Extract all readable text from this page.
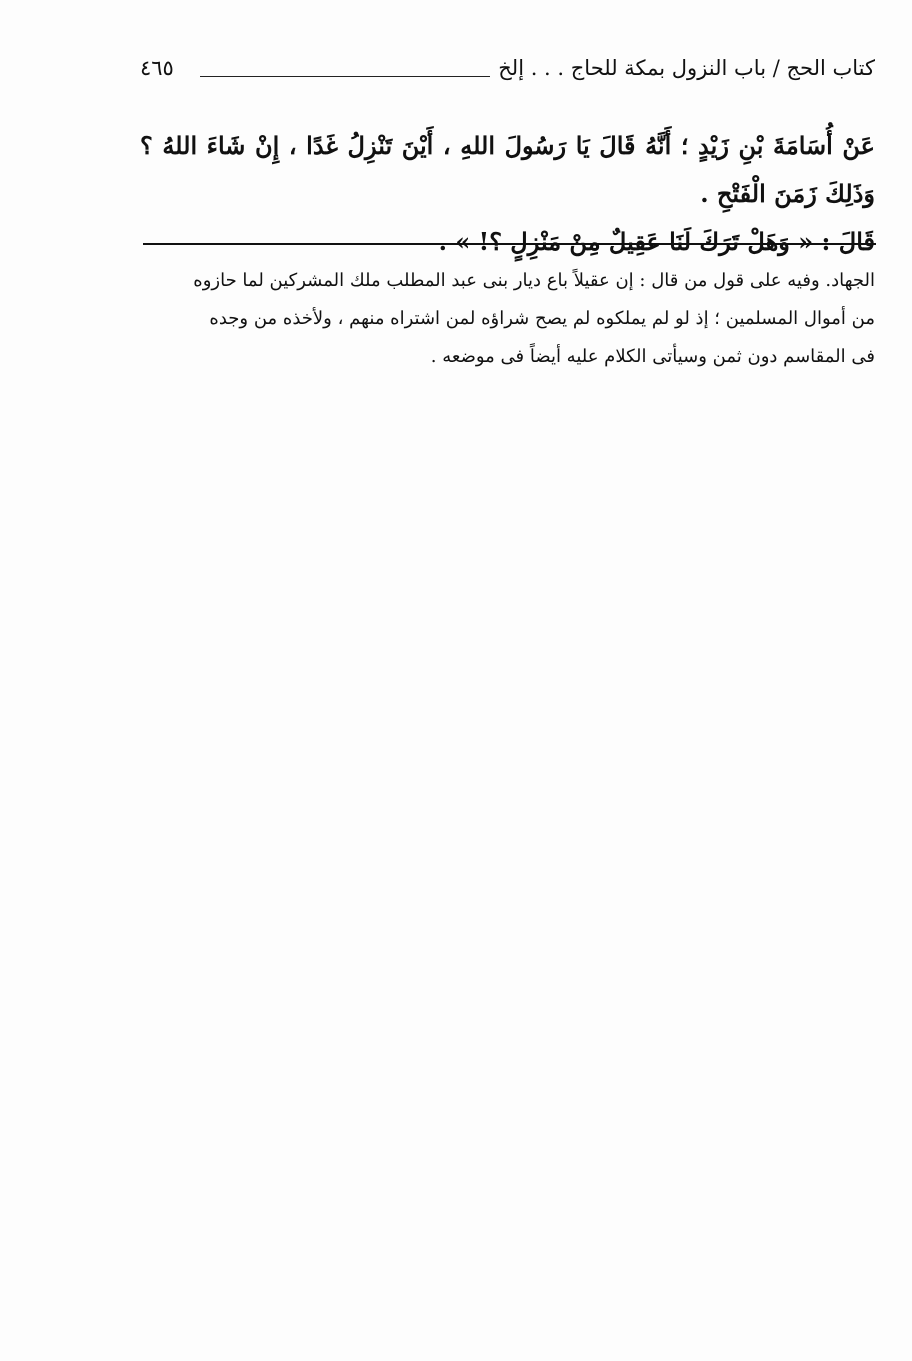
كتاب الحج / باب النزول بمكة للحاج . . . إلخ
٤٦٥

عَنْ أُسَامَةَ بْنِ زَيْدٍ ؛ أَنَّهُ قَالَ يَا رَسُولَ اللهِ ، أَيْنَ تَنْزِلُ غَدًا ، إِنْ شَاءَ اللهُ ؟ وَذَلِكَ زَمَنَ الْفَتْحِ .

قَالَ : « وَهَلْ تَرَكَ لَنَا عَقِيلٌ مِنْ مَنْزِلٍ ؟! » .

الجهاد. وفيه على قول من قال : إن عقيلاً باع ديار بنى عبد المطلب ملك المشركين لما حازوه

من أموال المسلمين ؛ إذ لو لم يملكوه لم يصح شراؤه لمن اشتراه منهم ، ولأخذه من وجده

فى المقاسم دون ثمن وسيأتى الكلام عليه أيضاً فى موضعه .
